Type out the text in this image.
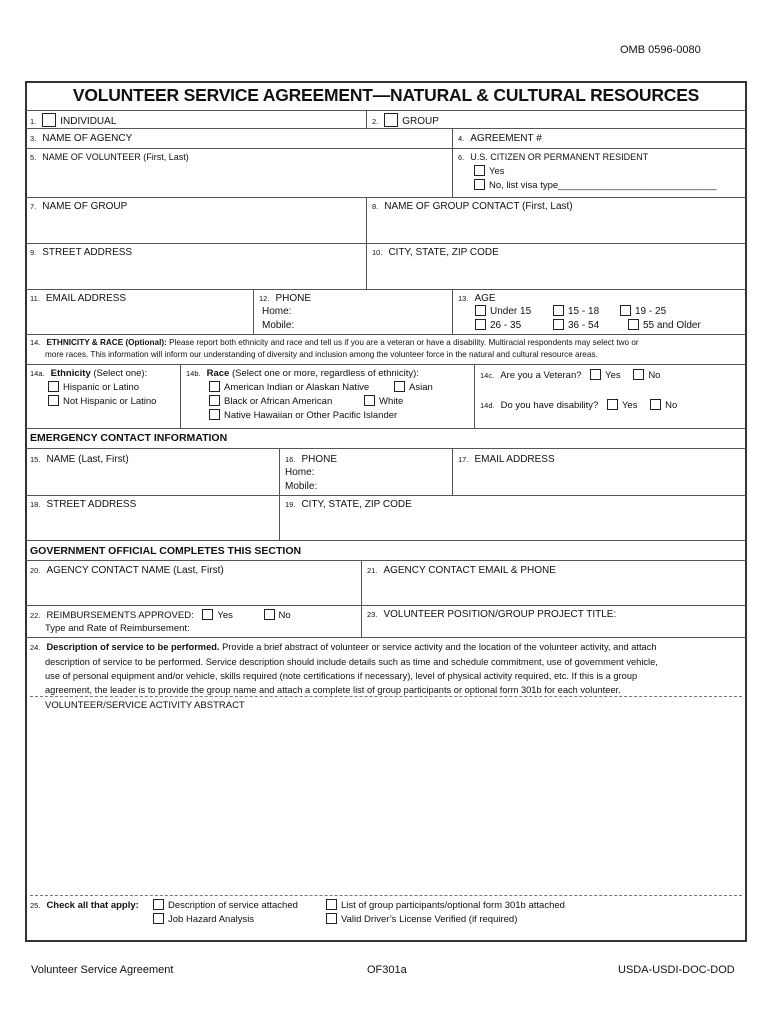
OMB 0596-0080
VOLUNTEER SERVICE AGREEMENT—NATURAL & CULTURAL RESOURCES
1. INDIVIDUAL	2. GROUP
3. NAME OF AGENCY	4. AGREEMENT #
5. NAME OF VOLUNTEER (First, Last)	6. U.S. CITIZEN OR PERMANENT RESIDENT
Yes
No, list visa type______________________________
7. NAME OF GROUP	8. NAME OF GROUP CONTACT (First, Last)
9. STREET ADDRESS	10. CITY, STATE, ZIP CODE
11. EMAIL ADDRESS	12. PHONE
Home:
Mobile:
13. AGE
Under 15	15 - 18	19 - 25
26 - 35	36 - 54	55 and Older
14. ETHNICITY & RACE (Optional): Please report both ethnicity and race and tell us if you are a veteran or have a disability. Multiracial respondents may select two or
more races. This information will inform our understanding of diversity and inclusion among the volunteer force in the natural and cultural resource areas.
14a. Ethnicity (Select one):
Hispanic or Latino
Not Hispanic or Latino
14b. Race (Select one or more, regardless of ethnicity):
American Indian or Alaskan Native	Asian
Black or African American	White
Native Hawaiian or Other Pacific Islander
14c. Are you a Veteran? Yes	No
14d. Do you have disability? Yes	No
EMERGENCY CONTACT INFORMATION
15. NAME (Last, First)	16. PHONE
Home:
Mobile:
17. EMAIL ADDRESS
18. STREET ADDRESS	19. CITY, STATE, ZIP CODE
GOVERNMENT OFFICIAL COMPLETES THIS SECTION
20. AGENCY CONTACT NAME (Last, First)	21. AGENCY CONTACT EMAIL & PHONE
22. REIMBURSEMENTS APPROVED: Yes	No
Type and Rate of Reimbursement:
23. VOLUNTEER POSITION/GROUP PROJECT TITLE:
24. Description of service to be performed. Provide a brief abstract of volunteer or service activity and the location of the volunteer activity, and attach
description of service to be performed. Service description should include details such as time and schedule commitment, use of government vehicle,
use of personal equipment and/or vehicle, skills required (note certifications if necessary), level of physical activity required, etc. If this is a group
agreement, the leader is to provide the group name and attach a complete list of group participants or optional form 301b for each volunteer.
VOLUNTEER/SERVICE ACTIVITY ABSTRACT
25. Check all that apply:	Description of service attached
Job Hazard Analysis
List of group participants/optional form 301b attached
Valid Driver’s License Verified (if required)
Volunteer Service Agreement	OF301a	USDA-USDI-DOC-DOD
